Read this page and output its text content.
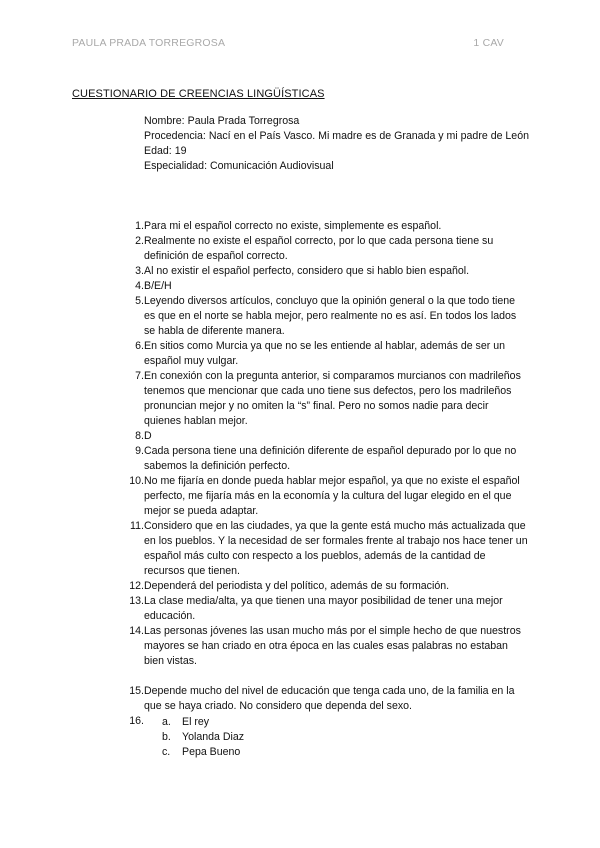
PAULA PRADA TORREGROSA	1 CAV
CUESTIONARIO DE CREENCIAS LINGÜÍSTICAS
Nombre: Paula Prada Torregrosa
Procedencia: Nací en el País Vasco. Mi madre es de Granada y mi padre de León
Edad: 19
Especialidad: Comunicación Audiovisual
1. Para mi el español correcto no existe, simplemente es español.
2. Realmente no existe el español correcto, por lo que cada persona tiene su definición de español correcto.
3. Al no existir el español perfecto, considero que si hablo bien español.
4. B/E/H
5. Leyendo diversos artículos, concluyo que la opinión general o la que todo tiene es que en el norte se habla mejor, pero realmente no es así. En todos los lados se habla de diferente manera.
6. En sitios como Murcia ya que no se les entiende al hablar, además de ser un español muy vulgar.
7. En conexión con la pregunta anterior, si comparamos murcianos con madrileños tenemos que mencionar que cada uno tiene sus defectos, pero los madrileños pronuncian mejor y no omiten la “s” final. Pero no somos nadie para decir quienes hablan mejor.
8. D
9. Cada persona tiene una definición diferente de español depurado por lo que no sabemos la definición perfecto.
10. No me fijaría en donde pueda hablar mejor español, ya que no existe el español perfecto, me fijaría más en la economía y la cultura del lugar elegido en el que mejor se pueda adaptar.
11. Considero que en las ciudades, ya que la gente está mucho más actualizada que en los pueblos. Y la necesidad de ser formales frente al trabajo nos hace tener un español más culto con respecto a los pueblos, además de la cantidad de recursos que tienen.
12. Dependerá del periodista y del político, además de su formación.
13. La clase media/alta, ya que tienen una mayor posibilidad de tener una mejor educación.
14. Las personas jóvenes las usan mucho más por el simple hecho de que nuestros mayores se han criado en otra época en las cuales esas palabras no estaban bien vistas.
15. Depende mucho del nivel de educación que tenga cada uno, de la familia en la que se haya criado. No considero que dependa del sexo.
16. a.	El rey
b.	Yolanda Diaz
c.	Pepa Bueno
